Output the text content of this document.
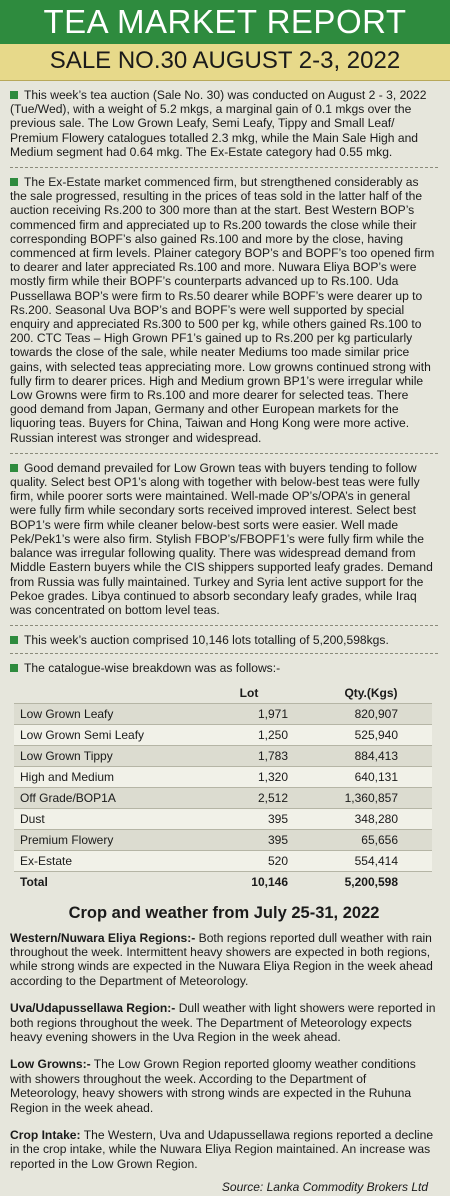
TEA MARKET REPORT
SALE NO.30 AUGUST 2-3, 2022

This week’s tea auction (Sale No. 30) was conducted on August 2 - 3, 2022 (Tue/Wed), with a weight of 5.2 mkgs, a marginal gain of 0.1 mkgs over the previous sale. The Low Grown Leafy, Semi Leafy, Tippy and Small Leaf/ Premium Flowery catalogues totalled 2.3 mkg, while the Main Sale High and Medium segment had 0.64 mkg. The Ex-Estate category had 0.55 mkg.

The Ex-Estate market commenced firm, but strengthened considerably as the sale progressed, resulting in the prices of teas sold in the latter half of the auction receiving Rs.200 to 300 more than at the start. Best Western BOP’s commenced firm and appreciated up to Rs.200 towards the close while their corresponding BOPF’s also gained Rs.100 and more by the close, having commenced at firm levels. Plainer category BOP’s and BOPF’s too opened firm to dearer and later appreciated Rs.100 and more. Nuwara Eliya BOP’s were mostly firm while their BOPF’s counterparts advanced up to Rs.100. Uda Pussellawa BOP’s were firm to Rs.50 dearer while BOPF’s were dearer up to Rs.200. Seasonal Uva BOP’s and BOPF’s were well supported by special enquiry and appreciated Rs.300 to 500 per kg, while others gained Rs.100 to 200. CTC Teas – High Grown PF1’s gained up to Rs.200 per kg particularly towards the close of the sale, while neater Mediums too made similar price gains, with selected teas appreciating more. Low growns continued strong with fully firm to dearer prices. High and Medium grown BP1’s were irregular while Low Growns were firm to Rs.100 and more dearer for selected teas. There good demand from Japan, Germany and other European markets for the liquoring teas. Buyers for China, Taiwan and Hong Kong were more active. Russian interest was stronger and widespread.

Good demand prevailed for Low Grown teas with buyers tending to follow quality. Select best OP1’s along with together with below-best teas were fully firm, while poorer sorts were maintained. Well-made OP’s/OPA’s in general were fully firm while secondary sorts received improved interest. Select best BOP1’s were firm while cleaner below-best sorts were easier. Well made Pek/Pek1’s were also firm. Stylish FBOP’s/FBOPF1’s were fully firm while the balance was irregular following quality. There was widespread demand from Middle Eastern buyers while the CIS shippers supported leafy grades. Demand from Russia was fully maintained. Turkey and Syria lent active support for the Pekoe grades. Libya continued to absorb secondary leafy grades, while Iraq was concentrated on bottom level teas.

This week’s auction comprised 10,146 lots totalling of 5,200,598kgs.

The catalogue-wise breakdown was as follows:-

	Lot	Qty.(Kgs)
Low Grown Leafy	1,971	820,907
Low Grown Semi Leafy	1,250	525,940
Low Grown Tippy	1,783	884,413
High and Medium	1,320	640,131
Off Grade/BOP1A	2,512	1,360,857
Dust	395	348,280
Premium Flowery	395	65,656
Ex-Estate	520	554,414
Total	10,146	5,200,598
Crop and weather from July 25-31, 2022

Western/Nuwara Eliya Regions:- Both regions reported dull weather with rain throughout the week. Intermittent heavy showers are expected in both regions, while strong winds are expected in the Nuwara Eliya Region in the week ahead according to the Department of Meteorology.

Uva/Udapussellawa Region:- Dull weather with light showers were reported in both regions throughout the week. The Department of Meteorology expects heavy evening showers in the Uva Region in the week ahead.

Low Growns:- The Low Grown Region reported gloomy weather conditions with showers throughout the week. According to the Department of Meteorology, heavy showers with strong winds are expected in the Ruhuna Region in the week ahead.

Crop Intake: The Western, Uva and Udapussellawa regions reported a decline in the crop intake, while the Nuwara Eliya Region maintained. An increase was reported in the Low Grown Region.

Source: Lanka Commodity Brokers Ltd
